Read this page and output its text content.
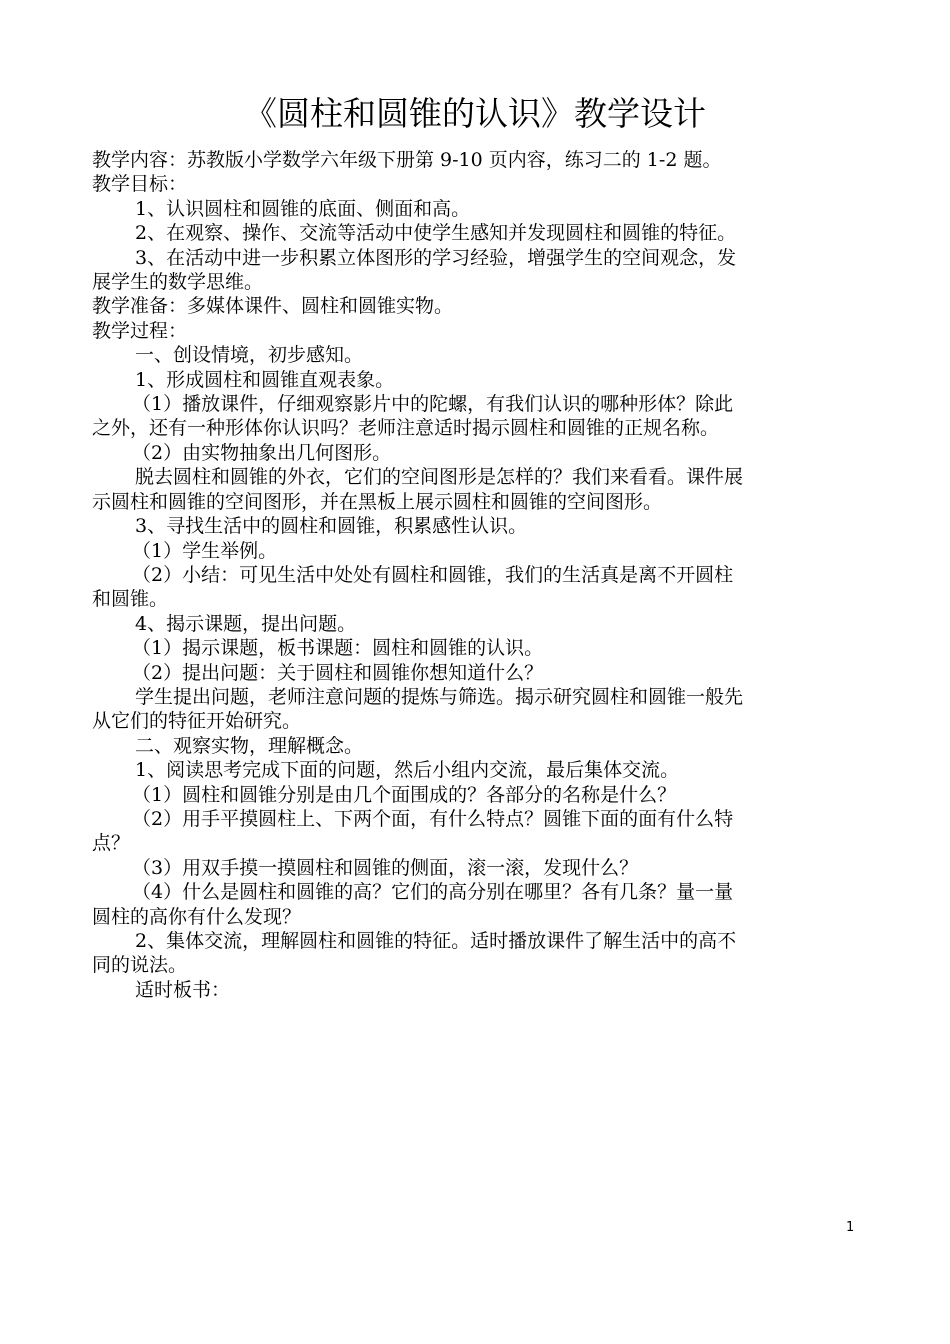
《圆柱和圆锥的认识》教学设计
教学内容：苏教版小学数学六年级下册第 9-10 页内容，练习二的 1-2 题。
教学目标：
1、认识圆柱和圆锥的底面、侧面和高。
2、在观察、操作、交流等活动中使学生感知并发现圆柱和圆锥的特征。
3、在活动中进一步积累立体图形的学习经验，增强学生的空间观念，发
展学生的数学思维。
教学准备：多媒体课件、圆柱和圆锥实物。
教学过程：
一、创设情境，初步感知。
1、形成圆柱和圆锥直观表象。
（1）播放课件，仔细观察影片中的陀螺，有我们认识的哪种形体？除此
之外，还有一种形体你认识吗？老师注意适时揭示圆柱和圆锥的正规名称。
（2）由实物抽象出几何图形。
脱去圆柱和圆锥的外衣，它们的空间图形是怎样的？我们来看看。课件展
示圆柱和圆锥的空间图形，并在黑板上展示圆柱和圆锥的空间图形。
3、寻找生活中的圆柱和圆锥，积累感性认识。
（1）学生举例。
（2）小结：可见生活中处处有圆柱和圆锥，我们的生活真是离不开圆柱
和圆锥。
4、揭示课题，提出问题。
（1）揭示课题，板书课题：圆柱和圆锥的认识。
（2）提出问题：关于圆柱和圆锥你想知道什么？
学生提出问题，老师注意问题的提炼与筛选。揭示研究圆柱和圆锥一般先
从它们的特征开始研究。
二、观察实物，理解概念。
1、阅读思考完成下面的问题，然后小组内交流，最后集体交流。
（1）圆柱和圆锥分别是由几个面围成的？各部分的名称是什么？
（2）用手平摸圆柱上、下两个面，有什么特点？圆锥下面的面有什么特
点？
（3）用双手摸一摸圆柱和圆锥的侧面，滚一滚，发现什么？
（4）什么是圆柱和圆锥的高？它们的高分别在哪里？各有几条？量一量
圆柱的高你有什么发现？
2、集体交流，理解圆柱和圆锥的特征。适时播放课件了解生活中的高不
同的说法。
适时板书：
1
